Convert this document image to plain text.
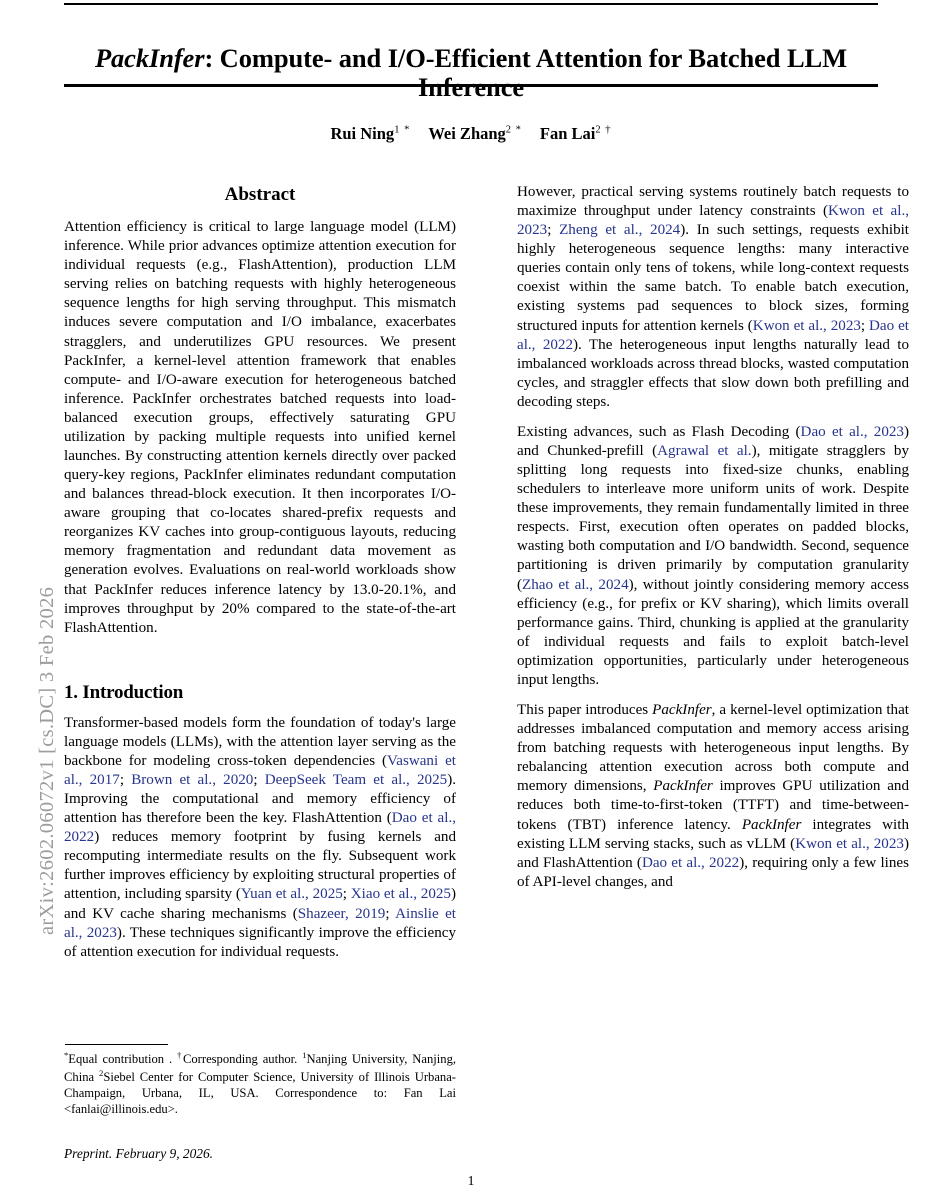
arXiv:2602.06072v1 [cs.DC] 3 Feb 2026
PackInfer: Compute- and I/O-Efficient Attention for Batched LLM Inference
Rui Ning$^{1 *}$ Wei Zhang$^{2 *}$ Fan Lai$^{2 \dagger}$
Abstract

Attention efficiency is critical to large language model (LLM) inference. While prior advances optimize attention execution for individual requests (e.g., FlashAttention), production LLM serving relies on batching requests with highly heterogeneous sequence lengths for high serving throughput. This mismatch induces severe computation and I/O imbalance, exacerbates stragglers, and underutilizes GPU resources. We present PackInfer, a kernel-level attention framework that enables compute- and I/O-aware execution for heterogeneous batched inference. PackInfer orchestrates batched requests into load-balanced execution groups, effectively saturating GPU utilization by packing multiple requests into unified kernel launches. By constructing attention kernels directly over packed query-key regions, PackInfer eliminates redundant computation and balances thread-block execution. It then incorporates I/O-aware grouping that co-locates shared-prefix requests and reorganizes KV caches into group-contiguous layouts, reducing memory fragmentation and redundant data movement as generation evolves. Evaluations on real-world workloads show that PackInfer reduces inference latency by 13.0-20.1%, and improves throughput by 20% compared to the state-of-the-art FlashAttention.

1. Introduction

Transformer-based models form the foundation of today's large language models (LLMs), with the attention layer serving as the backbone for modeling cross-token dependencies (Vaswani et al., 2017; Brown et al., 2020; DeepSeek Team et al., 2025). Improving the computational and memory efficiency of attention has therefore been the key. FlashAttention (Dao et al., 2022) reduces memory footprint by fusing kernels and recomputing intermediate results on the fly. Subsequent work further improves efficiency by exploiting structural properties of attention, including sparsity (Yuan et al., 2025; Xiao et al., 2025) and KV cache sharing mechanisms (Shazeer, 2019; Ainslie et al., 2023). These techniques significantly improve the efficiency of attention execution for individual requests.

However, practical serving systems routinely batch requests to maximize throughput under latency constraints (Kwon et al., 2023; Zheng et al., 2024). In such settings, requests exhibit highly heterogeneous sequence lengths: many interactive queries contain only tens of tokens, while long-context requests coexist within the same batch. To enable batch execution, existing systems pad sequences to block sizes, forming structured inputs for attention kernels (Kwon et al., 2023; Dao et al., 2022). The heterogeneous input lengths naturally lead to imbalanced workloads across thread blocks, wasted computation cycles, and straggler effects that slow down both prefilling and decoding steps.

Existing advances, such as Flash Decoding (Dao et al., 2023) and Chunked-prefill (Agrawal et al.), mitigate stragglers by splitting long requests into fixed-size chunks, enabling schedulers to interleave more uniform units of work. Despite these improvements, they remain fundamentally limited in three respects. First, execution often operates on padded blocks, wasting both computation and I/O bandwidth. Second, sequence partitioning is driven primarily by computation granularity (Zhao et al., 2024), without jointly considering memory access efficiency (e.g., for prefix or KV sharing), which limits overall performance gains. Third, chunking is applied at the granularity of individual requests and fails to exploit batch-level optimization opportunities, particularly under heterogeneous input lengths.

This paper introduces PackInfer, a kernel-level optimization that addresses imbalanced computation and memory access arising from batching requests with heterogeneous input lengths. By rebalancing attention execution across both compute and memory dimensions, PackInfer improves GPU utilization and reduces both time-to-first-token (TTFT) and time-between-tokens (TBT) inference latency. PackInfer integrates with existing LLM serving stacks, such as vLLM (Kwon et al., 2023) and FlashAttention (Dao et al., 2022), requiring only a few lines of API-level changes, and

*Equal contribution . †Corresponding author. $^1$Nanjing University, Nanjing, China $^2$Siebel Center for Computer Science, University of Illinois Urbana-Champaign, Urbana, IL, USA. Correspondence to: Fan Lai <fanlai@illinois.edu>.
Preprint. February 9, 2026.
1
